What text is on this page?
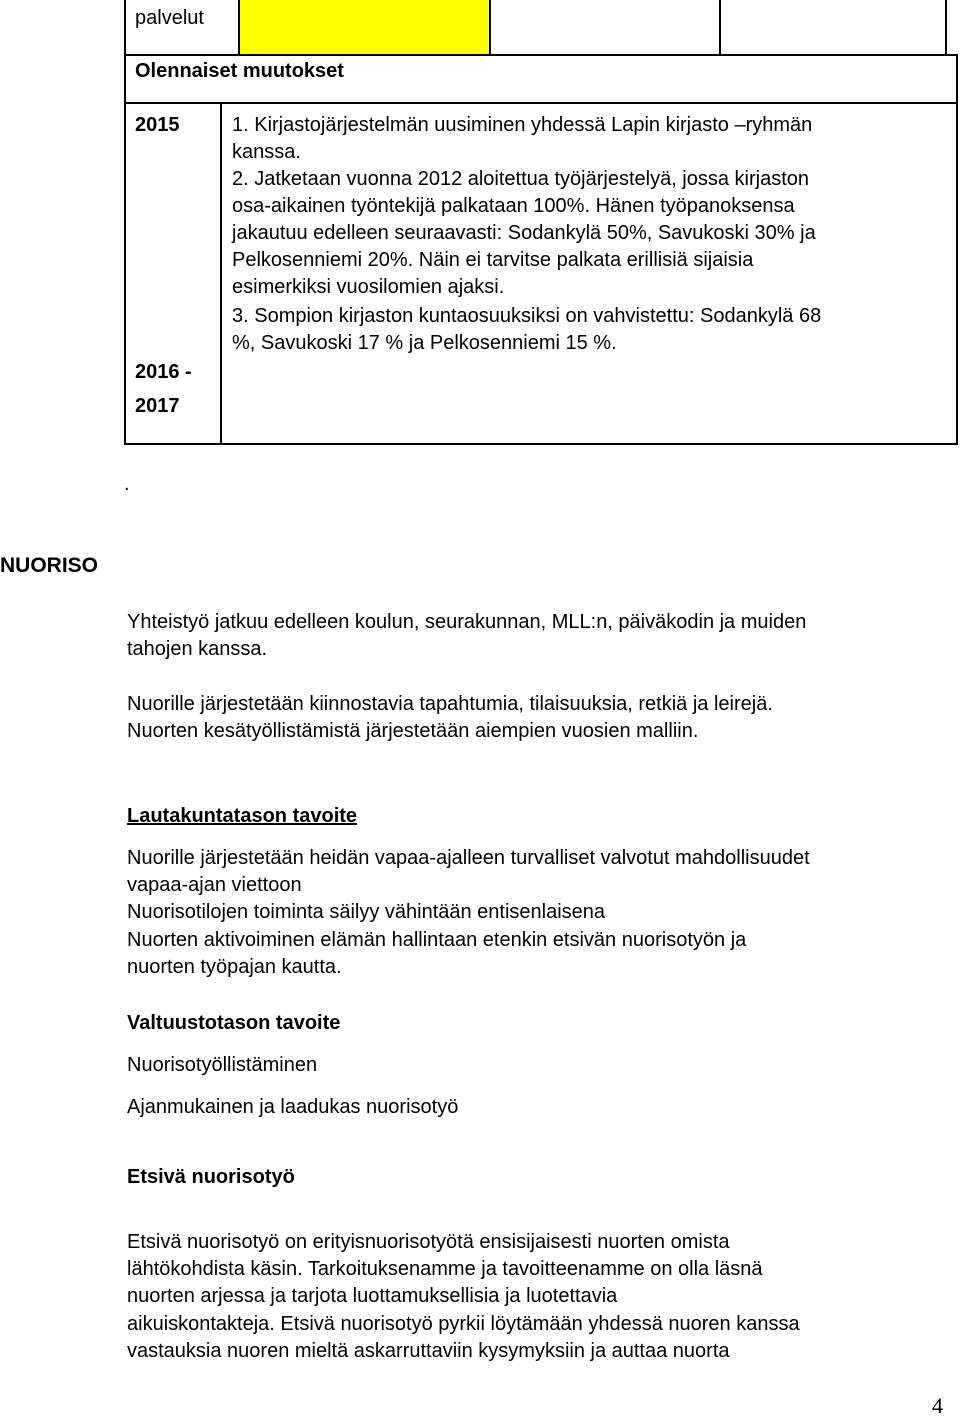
palvelut
Olennaiset muutokset
2015
2016 -
2017
1. Kirjastojärjestelmän uusiminen yhdessä Lapin kirjasto –ryhmän
kanssa.
2. Jatketaan vuonna 2012 aloitettua työjärjestelyä, jossa kirjaston
osa-aikainen työntekijä palkataan 100%. Hänen työpanoksensa
jakautuu edelleen seuraavasti: Sodankylä 50%, Savukoski 30% ja
Pelkosenniemi 20%. Näin ei tarvitse palkata erillisiä sijaisia
esimerkiksi vuosilomien ajaksi.
3. Sompion kirjaston kuntaosuuksiksi on vahvistettu: Sodankylä 68
%, Savukoski 17 % ja Pelkosenniemi 15 %.
.
NUORISO
Yhteistyö jatkuu edelleen koulun, seurakunnan, MLL:n, päiväkodin ja muiden
tahojen kanssa.
Nuorille järjestetään kiinnostavia tapahtumia, tilaisuuksia, retkiä ja leirejä.
Nuorten kesätyöllistämistä järjestetään aiempien vuosien malliin.
Lautakuntatason tavoite
Nuorille järjestetään heidän vapaa-ajalleen turvalliset valvotut mahdollisuudet
vapaa-ajan viettoon
Nuorisotilojen toiminta säilyy vähintään entisenlaisena
Nuorten aktivoiminen elämän hallintaan etenkin etsivän nuorisotyön ja
nuorten työpajan kautta.
Valtuustotason tavoite
Nuorisotyöllistäminen
Ajanmukainen ja laadukas nuorisotyö
Etsivä nuorisotyö
Etsivä nuorisotyö on erityisnuorisotyötä ensisijaisesti nuorten omista
lähtökohdista käsin. Tarkoituksenamme ja tavoitteenamme on olla läsnä
nuorten arjessa ja tarjota luottamuksellisia ja luotettavia
aikuiskontakteja. Etsivä nuorisotyö pyrkii löytämään yhdessä nuoren kanssa
vastauksia nuoren mieltä askarruttaviin kysymyksiin ja auttaa nuorta
4
